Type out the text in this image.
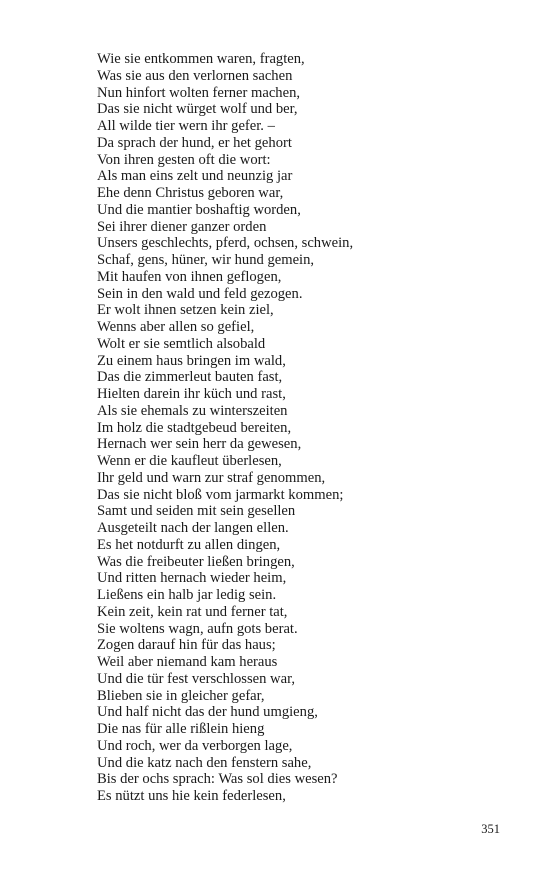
Wie sie entkommen waren, fragten,
Was sie aus den verlornen sachen
Nun hinfort wolten ferner machen,
Das sie nicht würget wolf und ber,
All wilde tier wern ihr gefer. –
Da sprach der hund, er het gehort
Von ihren gesten oft die wort:
Als man eins zelt und neunzig jar
Ehe denn Christus geboren war,
Und die mantier boshaftig worden,
Sei ihrer diener ganzer orden
Unsers geschlechts, pferd, ochsen, schwein,
Schaf, gens, hüner, wir hund gemein,
Mit haufen von ihnen geflogen,
Sein in den wald und feld gezogen.
Er wolt ihnen setzen kein ziel,
Wenns aber allen so gefiel,
Wolt er sie semtlich alsobald
Zu einem haus bringen im wald,
Das die zimmerleut bauten fast,
Hielten darein ihr küch und rast,
Als sie ehemals zu winterszeiten
Im holz die stadtgebeud bereiten,
Hernach wer sein herr da gewesen,
Wenn er die kaufleut überlesen,
Ihr geld und warn zur straf genommen,
Das sie nicht bloß vom jarmarkt kommen;
Samt und seiden mit sein gesellen
Ausgeteilt nach der langen ellen.
Es het notdurft zu allen dingen,
Was die freibeuter ließen bringen,
Und ritten hernach wieder heim,
Ließens ein halb jar ledig sein.
Kein zeit, kein rat und ferner tat,
Sie woltens wagn, aufn gots berat.
Zogen darauf hin für das haus;
Weil aber niemand kam heraus
Und die tür fest verschlossen war,
Blieben sie in gleicher gefar,
Und half nicht das der hund umgieng,
Die nas für alle rißlein hieng
Und roch, wer da verborgen lage,
Und die katz nach den fenstern sahe,
Bis der ochs sprach: Was sol dies wesen?
Es nützt uns hie kein federlesen,
351
